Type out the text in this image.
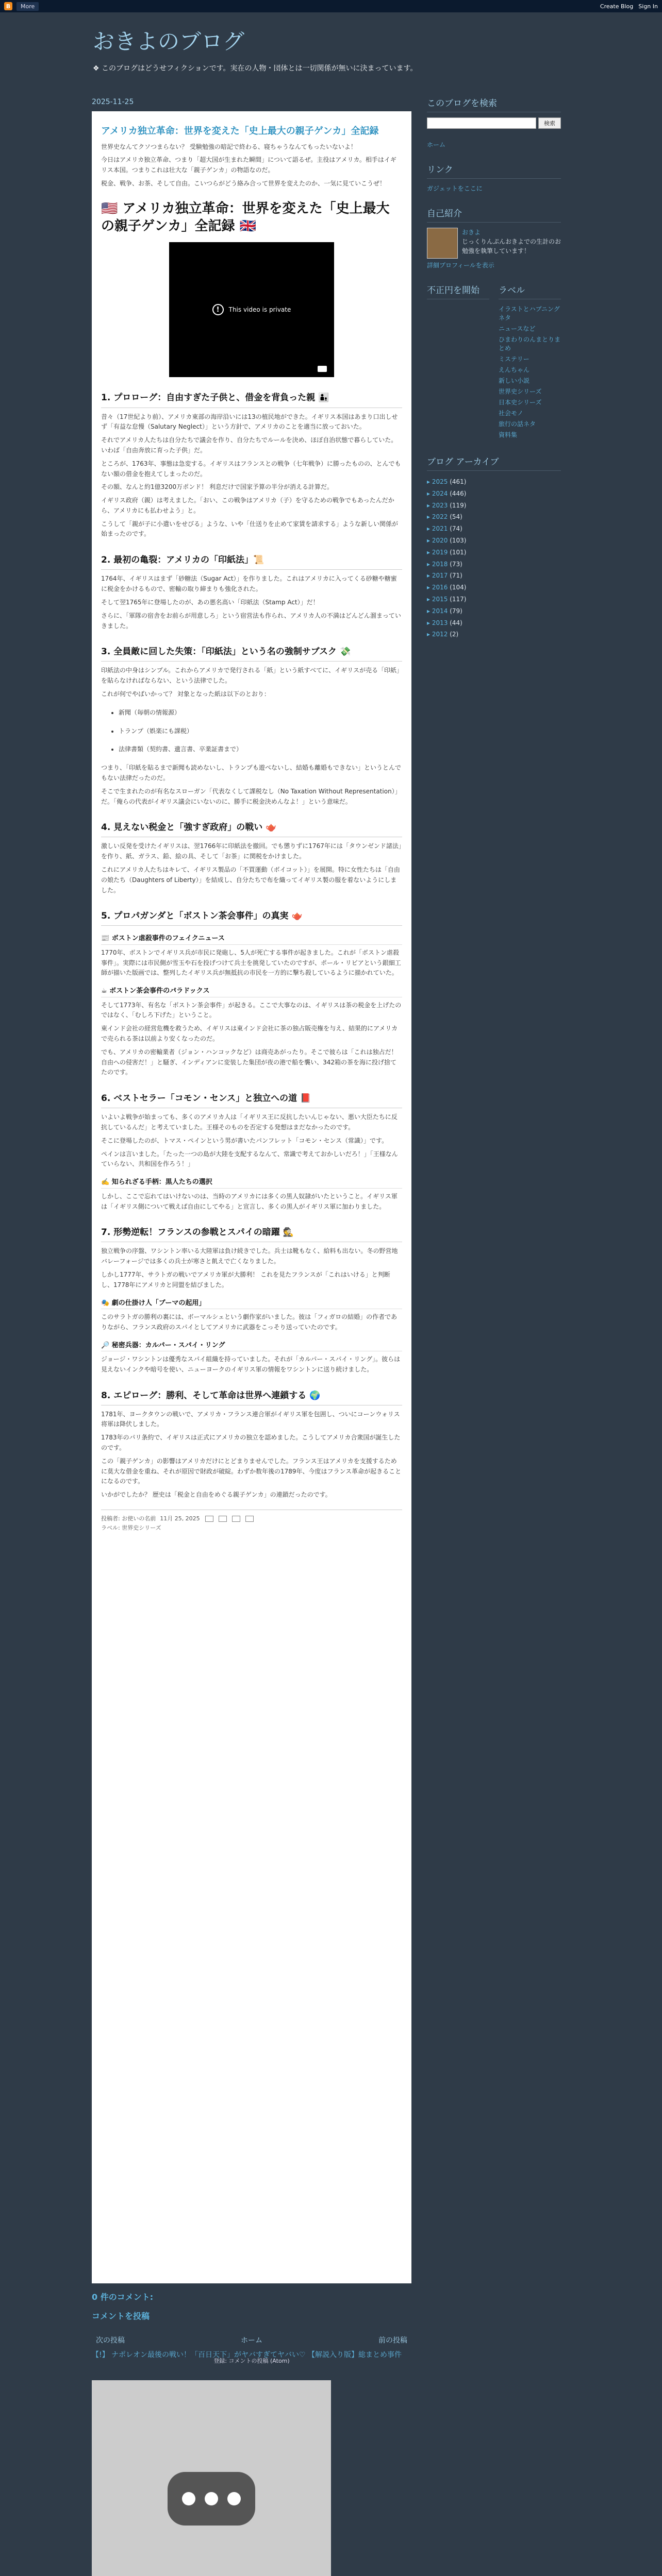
B	More	Create Blog Sign In
おきよのブログ
❖ このブログはどうせフィクションです。実在の人物・団体とは一切関係が無いに決まっています。
2025-11-25
アメリカ独立革命：世界を変えた「史上最大の親子ゲンカ」全記録

世界史なんてクソつまらない？ 受験勉強の暗記で終わる、寝ちゃうなんてもったいないよ！

今日はアメリカ独立革命、つまり「超大国が生まれた瞬間」について語るぜ。主役はアメリカ。相手はイギリス本国。つまりこれは壮大な「親子ゲンカ」の物語なのだ。

税金、戦争、お茶、そして自由。こいつらがどう絡み合って世界を変えたのか、一気に見ていこうぜ！

🇺🇸 アメリカ独立革命：世界を変えた「史上最大の親子ゲンカ」全記録 🇬🇧
!	This video is private
1. プロローグ：自由すぎた子供と、借金を背負った親 👨‍👦

昔々（17世紀より前）、アメリカ東部の海岸沿いには13の植民地ができた。イギリス本国はあまり口出しせず「有益な怠慢（Salutary Neglect）」という方針で、アメリカのことを適当に放っておいた。

それでアメリカ人たちは自分たちで議会を作り、自分たちでルールを決め、ほぼ自治状態で暮らしていた。いわば「自由奔放に育った子供」だ。

ところが、1763年、事態は急変する。イギリスはフランスとの戦争（七年戦争）に勝ったものの、とんでもない額の借金を抱えてしまったのだ。

その額、なんと約1億3200万ポンド！ 利息だけで国家予算の半分が消える計算だ。

イギリス政府（親）は考えました。「おい、この戦争はアメリカ（子）を守るための戦争でもあったんだから、アメリカにも払わせよう」と。

こうして「親が子に小遣いをせびる」ような、いや「仕送りを止めて家賃を請求する」ような新しい関係が始まったのです。

2. 最初の亀裂：アメリカの「印紙法」📜

1764年、イギリスはまず「砂糖法（Sugar Act）」を作りました。これはアメリカに入ってくる砂糖や糖蜜に税金をかけるもので、密輸の取り締まりも強化された。

そして翌1765年に登場したのが、あの悪名高い「印紙法（Stamp Act）」だ！

さらに、「軍隊の宿舎をお前らが用意しろ」という宿営法も作られ、アメリカ人の不満はどんどん溜まっていきました。

3. 全員敵に回した失策：「印紙法」という名の強制サブスク 💸

印紙法の中身はシンプル。これからアメリカで発行される「紙」という紙すべてに、イギリスが売る「印紙」を貼らなければならない、という法律でした。

これが何でやばいかって？ 対象となった紙は以下のとおり：

• 新聞（毎朝の情報源）
• トランプ（娯楽にも課税）
• 法律書類（契約書、遺言書、卒業証書まで）

つまり、「印紙を貼るまで新聞も読めないし、トランプも遊べないし、結婚も離婚もできない」というとんでもない法律だったのだ。

そこで生まれたのが有名なスローガン「代表なくして課税なし（No Taxation Without Representation）」だ。「俺らの代表がイギリス議会にいないのに、勝手に税金決めんなよ！」という意味だ。

4. 見えない税金と「強すぎ政府」の戦い 🫖

激しい反発を受けたイギリスは、翌1766年に印紙法を撤回。でも懲りずに1767年には「タウンゼンド諸法」を作り、紙、ガラス、鉛、絵の具、そして「お茶」に関税をかけました。

これにアメリカ人たちはキレて、イギリス製品の「不買運動（ボイコット）」を展開。特に女性たちは「自由の娘たち（Daughters of Liberty）」を結成し、自分たちで布を織ってイギリス製の服を着ないようにしました。

5. プロパガンダと「ボストン茶会事件」の真実 🫖
📰 ボストン虐殺事件のフェイクニュース

1770年、ボストンでイギリス兵が市民に発砲し、5人が死亡する事件が起きました。これが「ボストン虐殺事件」。実際には市民側が雪玉や石を投げつけて兵士を挑発していたのですが、ポール・リビアという銀細工師が描いた版画では、整列したイギリス兵が無抵抗の市民を一方的に撃ち殺しているように描かれていた。

☕ ボストン茶会事件のパラドックス

そして1773年、有名な「ボストン茶会事件」が起きる。ここで大事なのは、イギリスは茶の税金を上げたのではなく、「むしろ下げた」ということ。

東インド会社の経営危機を救うため、イギリスは東インド会社に茶の独占販売権を与え、結果的にアメリカで売られる茶は以前より安くなったのだ。

でも、アメリカの密輸業者（ジョン・ハンコックなど）は商売あがったり。そこで彼らは「これは独占だ！ 自由への侵害だ！」と騒ぎ、インディアンに変装した集団が夜の港で船を襲い、342箱の茶を海に投げ捨てたのです。

6. ベストセラー「コモン・センス」と独立への道 📕

いよいよ戦争が始まっても、多くのアメリカ人は「イギリス王に反抗したいんじゃない、悪い大臣たちに反抗しているんだ」と考えていました。王様そのものを否定する発想はまだなかったのです。

そこに登場したのが、トマス・ペインという男が書いたパンフレット「コモン・センス（常識）」です。

ペインは言いました。「たった一つの島が大陸を支配するなんて、常識で考えておかしいだろ！」「王様なんていらない、共和国を作ろう！」

✍️ 知られざる手柄：黒人たちの選択

しかし、ここで忘れてはいけないのは、当時のアメリカには多くの黒人奴隷がいたということ。イギリス軍は「イギリス側について戦えば自由にしてやる」と宣言し、多くの黒人がイギリス軍に加わりました。

7. 形勢逆転！フランスの参戦とスパイの暗躍 🕵️

独立戦争の序盤、ワシントン率いる大陸軍は負け続きでした。兵士は靴もなく、給料も出ない。冬の野営地バレーフォージでは多くの兵士が寒さと飢えで亡くなりました。

しかし1777年、サラトガの戦いでアメリカ軍が大勝利！ これを見たフランスが「これはいける」と判断し、1778年にアメリカと同盟を結びました。

🎭 劇の仕掛け人「ブーマの起用」

このサラトガの勝利の裏には、ボーマルシェという劇作家がいました。彼は「フィガロの結婚」の作者でありながら、フランス政府のスパイとしてアメリカに武器をこっそり送っていたのです。

🔎 秘密兵器：カルパー・スパイ・リング

ジョージ・ワシントンは優秀なスパイ組織を持っていました。それが「カルパー・スパイ・リング」。彼らは見えないインクや暗号を使い、ニューヨークのイギリス軍の情報をワシントンに送り続けました。

8. エピローグ：勝利、そして革命は世界へ連鎖する 🌍

1781年、ヨークタウンの戦いで、アメリカ・フランス連合軍がイギリス軍を包囲し、ついにコーンウォリス将軍は降伏しました。

1783年のパリ条約で、イギリスは正式にアメリカの独立を認めました。こうしてアメリカ合衆国が誕生したのです。

この「親子ゲンカ」の影響はアメリカだけにとどまりませんでした。フランス王はアメリカを支援するために莫大な借金を重ね、それが原因で財政が破綻。わずか数年後の1789年、今度はフランス革命が起きることになるのです。

いかがでしたか？ 歴史は「税金と自由をめぐる親子ゲンカ」の連鎖だったのです。

投稿者: お使いの名前 11月 25, 2025
ラベル: 世界史シリーズ
0 件のコメント:
コメントを投稿
次の投稿	ホーム	前の投稿
登録: コメントの投稿 (Atom)
このブログを検索
検索
ホーム
リンク
ガジェットをここに
自己紹介
おきよ
じっくりんぷんおきよでの生計のお勉強を執筆しています！
詳細プロフィールを表示
不正円を開始	ラベル
イラストとハプニングネタ
ニュースなど
ひまわりのんまとりまとめ
ミステリー
えんちゃん
新しい小説
世界史シリーズ
日本史シリーズ
社会モノ
旅行の話ネタ
資料集
ブログ アーカイブ
▸ 2025 (461)
▸ 2024 (446)
▸ 2023 (119)
▸ 2022 (54)
▸ 2021 (74)
▸ 2020 (103)
▸ 2019 (101)
▸ 2018 (73)
▸ 2017 (71)
▸ 2016 (104)
▸ 2015 (117)
▸ 2014 (79)
▸ 2013 (44)
▸ 2012 (2)
【!】 ナポレオン最後の戦い！「百日天下」がヤバすぎてヤバい♡ 【解説入り版】総まとめ事件
